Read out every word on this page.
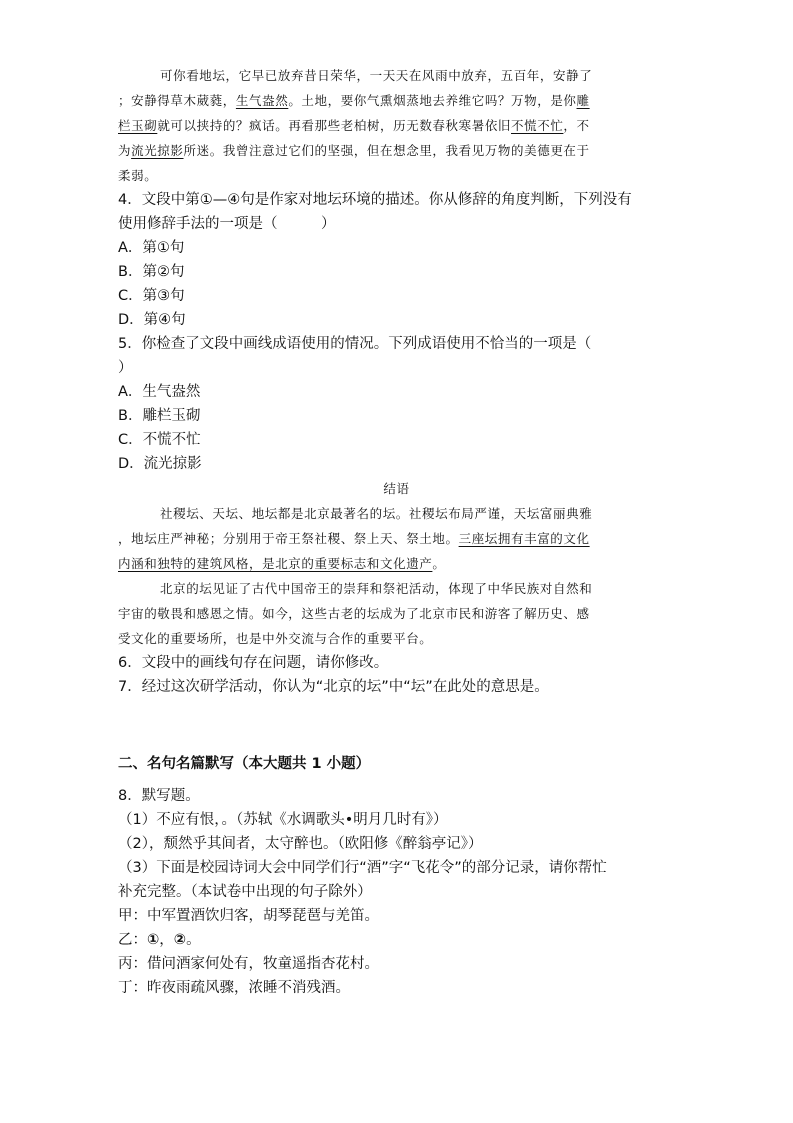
可你看地坛，它早已放弃昔日荣华，一天天在风雨中放弃，五百年，安静了
；安静得草木葳蕤，生气盎然。土地，要你气熏烟蒸地去养维它吗？万物，是你雕
栏玉砌就可以挟持的？疯话。再看那些老柏树，历无数春秋寒暑依旧不慌不忙，不
为流光掠影所迷。我曾注意过它们的坚强，但在想念里，我看见万物的美德更在于
柔弱。
4．文段中第①—④句是作家对地坛环境的描述。你从修辞的角度判断，下列没有
使用修辞手法的一项是（　　　）
A．第①句
B．第②句
C．第③句
D．第④句
5．你检查了文段中画线成语使用的情况。下列成语使用不恰当的一项是（
）
A．生气盎然
B．雕栏玉砌
C．不慌不忙
D．流光掠影
结语
社稷坛、天坛、地坛都是北京最著名的坛。社稷坛布局严谨，天坛富丽典雅
，地坛庄严神秘；分别用于帝王祭社稷、祭上天、祭土地。三座坛拥有丰富的文化
内涵和独特的建筑风格，是北京的重要标志和文化遗产。
北京的坛见证了古代中国帝王的崇拜和祭祀活动，体现了中华民族对自然和
宇宙的敬畏和感恩之情。如今，这些古老的坛成为了北京市民和游客了解历史、感
受文化的重要场所，也是中外交流与合作的重要平台。
6．文段中的画线句存在问题，请你修改。
7．经过这次研学活动，你认为“北京的坛”中“坛”在此处的意思是。
二、名句名篇默写（本大题共 1 小题）
8．默写题。
（1）不应有恨，。（苏轼《水调歌头•明月几时有》）
（2），颓然乎其间者，太守醉也。（欧阳修《醉翁亭记》）
（3）下面是校园诗词大会中同学们行“酒”字“飞花令”的部分记录，请你帮忙
补充完整。（本试卷中出现的句子除外）
甲：中军置酒饮归客，胡琴琵琶与羌笛。
乙：①，②。
丙：借问酒家何处有，牧童遥指杏花村。
丁：昨夜雨疏风骤，浓睡不消残酒。
